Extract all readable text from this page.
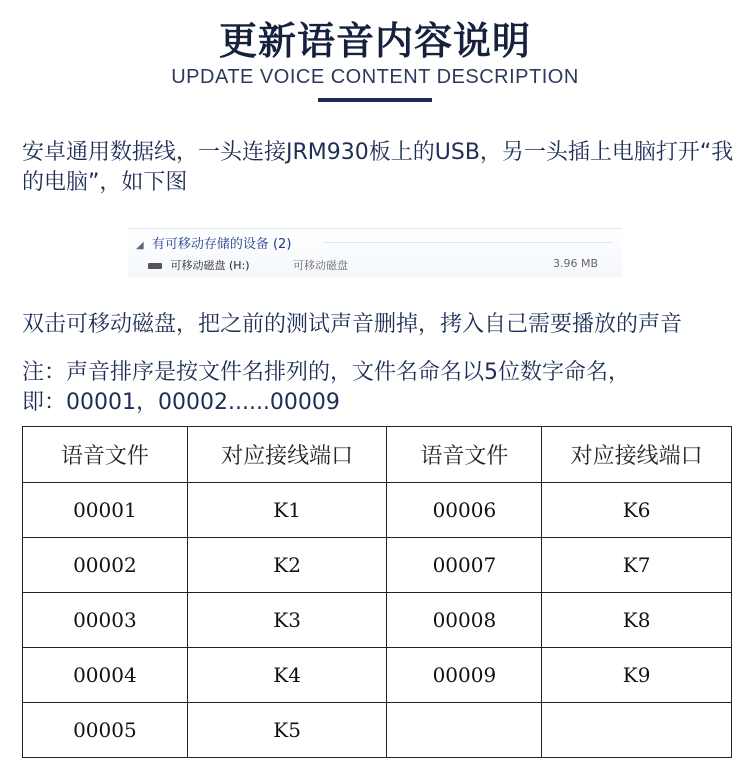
更新语音内容说明
UPDATE VOICE CONTENT DESCRIPTION
安卓通用数据线，一头连接JRM930板上的USB，另一头插上电脑打开“我的电脑”，如下图
◢ 有可移动存储的设备 (2)
可移动磁盘 (H:)	可移动磁盘	3.96 MB
双击可移动磁盘，把之前的测试声音删掉，拷入自己需要播放的声音
注：声音排序是按文件名排列的，文件名命名以5位数字命名，
即：00001，00002......00009
语音文件	对应接线端口	语音文件	对应接线端口
00001	K1	00006	K6
00002	K2	00007	K7
00003	K3	00008	K8
00004	K4	00009	K9
00005	K5		
